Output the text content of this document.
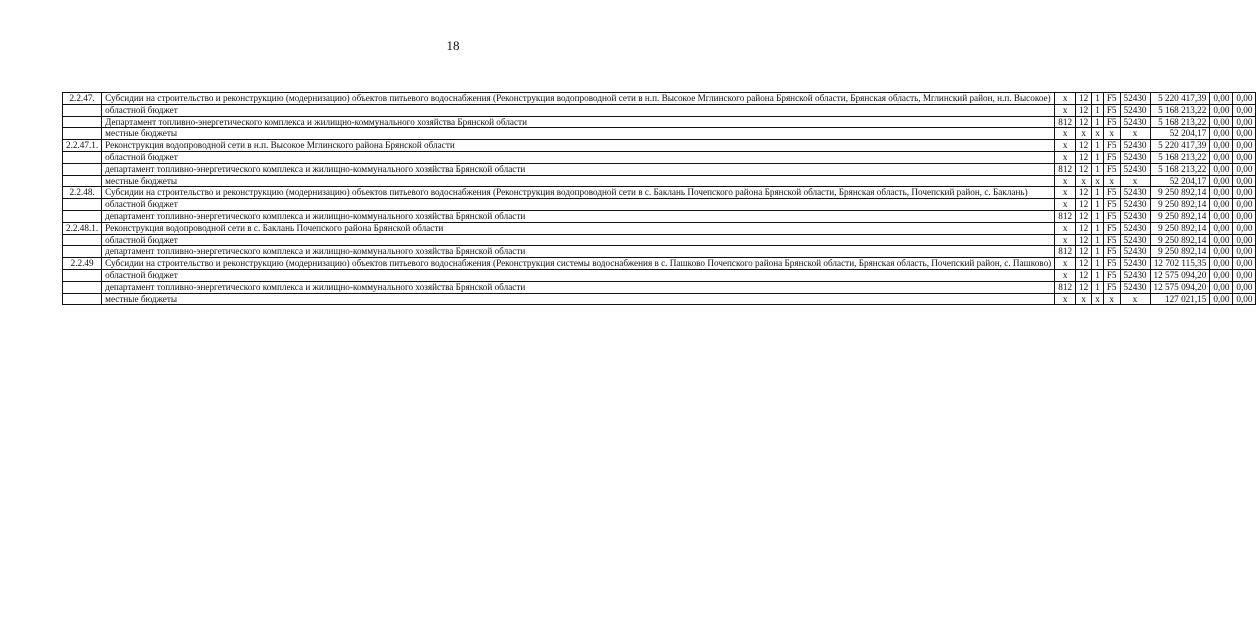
18
2.2.47.	Субсидии на строительство и реконструкцию (модернизацию) объектов питьевого водоснабжения (Реконструкция водопроводной сети в н.п. Высокое Мглинского района Брянской области, Брянская область, Мглинский район, н.п. Высокое)	x	12	1	F5	52430	5 220 417,39	0,00	0,00
	областной бюджет	x	12	1	F5	52430	5 168 213,22	0,00	0,00
	Департамент топливно-энергетического комплекса и жилищно-коммунального хозяйства Брянской области	812	12	1	F5	52430	5 168 213,22	0,00	0,00
	местные бюджеты	x	x	x	x	x	52 204,17	0,00	0,00
2.2.47.1.	Реконструкция водопроводной сети в н.п. Высокое Мглинского района Брянской области	x	12	1	F5	52430	5 220 417,39	0,00	0,00
	областной бюджет	x	12	1	F5	52430	5 168 213,22	0,00	0,00
	департамент топливно-энергетического комплекса и жилищно-коммунального хозяйства Брянской области	812	12	1	F5	52430	5 168 213,22	0,00	0,00
	местные бюджеты	x	x	x	x	x	52 204,17	0,00	0,00
2.2.48.	Субсидии на строительство и реконструкцию (модернизацию) объектов питьевого водоснабжения (Реконструкция водопроводной сети в с. Баклань Почепского района Брянской области, Брянская область, Почепский район, с. Баклань)	x	12	1	F5	52430	9 250 892,14	0,00	0,00
	областной бюджет	x	12	1	F5	52430	9 250 892,14	0,00	0,00
	департамент топливно-энергетического комплекса и жилищно-коммунального хозяйства Брянской области	812	12	1	F5	52430	9 250 892,14	0,00	0,00
2.2.48.1.	Реконструкция водопроводной сети в с. Баклань Почепского района Брянской области	x	12	1	F5	52430	9 250 892,14	0,00	0,00
	областной бюджет	x	12	1	F5	52430	9 250 892,14	0,00	0,00
	департамент топливно-энергетического комплекса и жилищно-коммунального хозяйства Брянской области	812	12	1	F5	52430	9 250 892,14	0,00	0,00
2.2.49	Субсидии на строительство и реконструкцию (модернизацию) объектов питьевого водоснабжения (Реконструкция системы водоснабжения в с. Пашково Почепского района Брянской области, Брянская область, Почепский район, с. Пашково)	x	12	1	F5	52430	12 702 115,35	0,00	0,00
	областной бюджет	x	12	1	F5	52430	12 575 094,20	0,00	0,00
	департамент топливно-энергетического комплекса и жилищно-коммунального хозяйства Брянской области	812	12	1	F5	52430	12 575 094,20	0,00	0,00
	местные бюджеты	x	x	x	x	x	127 021,15	0,00	0,00
